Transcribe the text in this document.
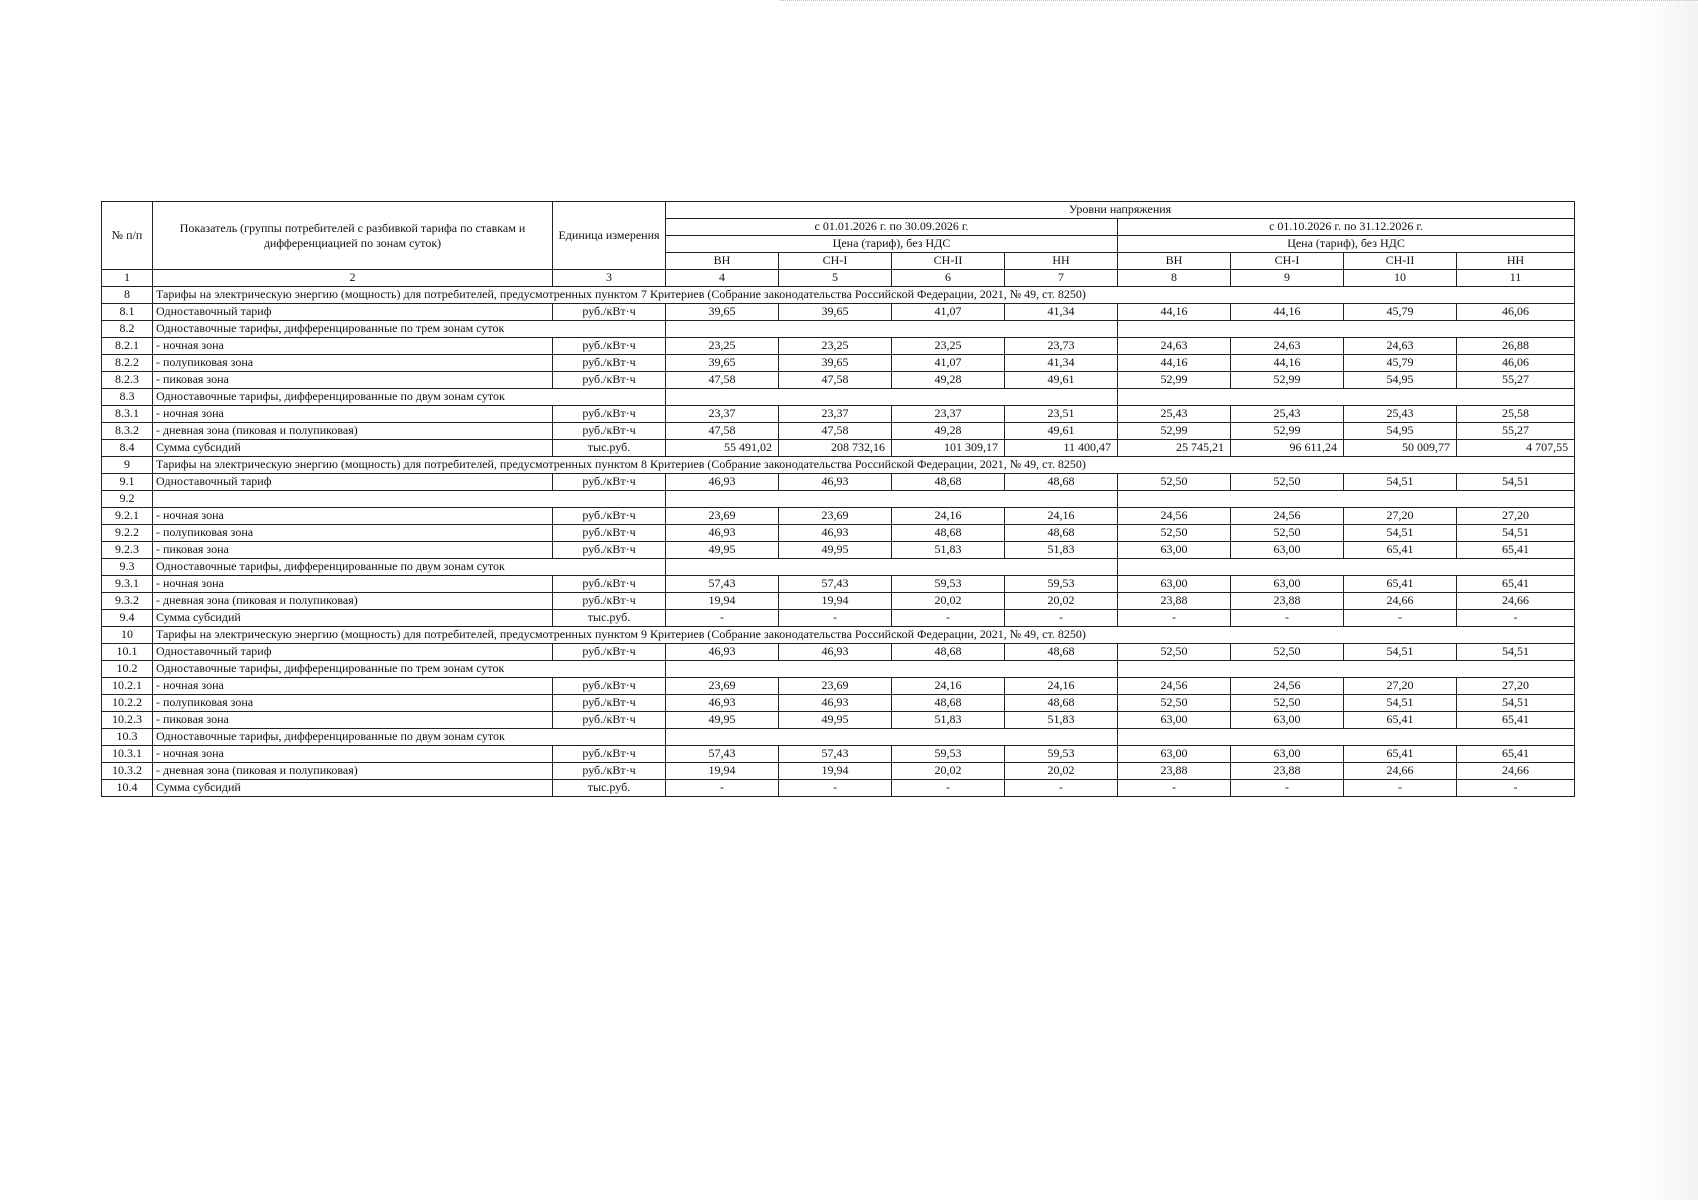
№ п/п	Показатель (группы потребителей с разбивкой тарифа по ставкам и дифференциацией по зонам суток)	Единица измерения	Уровни напряжения							
			с 01.01.2026 г. по 30.09.2026 г.				с 01.10.2026 г. по 31.12.2026 г.			
			Цена (тариф), без НДС				Цена (тариф), без НДС			
			ВН	СН-I	СН-II	НН	ВН	СН-I	СН-II	НН
1	2	3	4	5	6	7	8	9	10	11
8	Тарифы на электрическую энергию (мощность) для потребителей, предусмотренных пунктом 7 Критериев (Собрание законодательства Российской Федерации, 2021, № 49, ст. 8250)									
8.1	Одноставочный тариф	руб./кВт·ч	39,65	39,65	41,07	41,34	44,16	44,16	45,79	46,06
8.2	Одноставочные тарифы, дифференцированные по трем зонам суток									
8.2.1	- ночная зона	руб./кВт·ч	23,25	23,25	23,25	23,73	24,63	24,63	24,63	26,88
8.2.2	- полупиковая зона	руб./кВт·ч	39,65	39,65	41,07	41,34	44,16	44,16	45,79	46,06
8.2.3	- пиковая зона	руб./кВт·ч	47,58	47,58	49,28	49,61	52,99	52,99	54,95	55,27
8.3	Одноставочные тарифы, дифференцированные по двум зонам суток									
8.3.1	- ночная зона	руб./кВт·ч	23,37	23,37	23,37	23,51	25,43	25,43	25,43	25,58
8.3.2	- дневная зона (пиковая и полупиковая)	руб./кВт·ч	47,58	47,58	49,28	49,61	52,99	52,99	54,95	55,27
8.4	Сумма субсидий	тыс.руб.	55 491,02	208 732,16	101 309,17	11 400,47	25 745,21	96 611,24	50 009,77	4 707,55
9	Тарифы на электрическую энергию (мощность) для потребителей, предусмотренных пунктом 8 Критериев (Собрание законодательства Российской Федерации, 2021, № 49, ст. 8250)									
9.1	Одноставочный тариф	руб./кВт·ч	46,93	46,93	48,68	48,68	52,50	52,50	54,51	54,51
9.2										
9.2.1	- ночная зона	руб./кВт·ч	23,69	23,69	24,16	24,16	24,56	24,56	27,20	27,20
9.2.2	- полупиковая зона	руб./кВт·ч	46,93	46,93	48,68	48,68	52,50	52,50	54,51	54,51
9.2.3	- пиковая зона	руб./кВт·ч	49,95	49,95	51,83	51,83	63,00	63,00	65,41	65,41
9.3	Одноставочные тарифы, дифференцированные по двум зонам суток									
9.3.1	- ночная зона	руб./кВт·ч	57,43	57,43	59,53	59,53	63,00	63,00	65,41	65,41
9.3.2	- дневная зона (пиковая и полупиковая)	руб./кВт·ч	19,94	19,94	20,02	20,02	23,88	23,88	24,66	24,66
9.4	Сумма субсидий	тыс.руб.	-	-	-	-	-	-	-	-
10	Тарифы на электрическую энергию (мощность) для потребителей, предусмотренных пунктом 9 Критериев (Собрание законодательства Российской Федерации, 2021, № 49, ст. 8250)									
10.1	Одноставочный тариф	руб./кВт·ч	46,93	46,93	48,68	48,68	52,50	52,50	54,51	54,51
10.2	Одноставочные тарифы, дифференцированные по трем зонам суток									
10.2.1	- ночная зона	руб./кВт·ч	23,69	23,69	24,16	24,16	24,56	24,56	27,20	27,20
10.2.2	- полупиковая зона	руб./кВт·ч	46,93	46,93	48,68	48,68	52,50	52,50	54,51	54,51
10.2.3	- пиковая зона	руб./кВт·ч	49,95	49,95	51,83	51,83	63,00	63,00	65,41	65,41
10.3	Одноставочные тарифы, дифференцированные по двум зонам суток									
10.3.1	- ночная зона	руб./кВт·ч	57,43	57,43	59,53	59,53	63,00	63,00	65,41	65,41
10.3.2	- дневная зона (пиковая и полупиковая)	руб./кВт·ч	19,94	19,94	20,02	20,02	23,88	23,88	24,66	24,66
10.4	Сумма субсидий	тыс.руб.	-	-	-	-	-	-	-	-
